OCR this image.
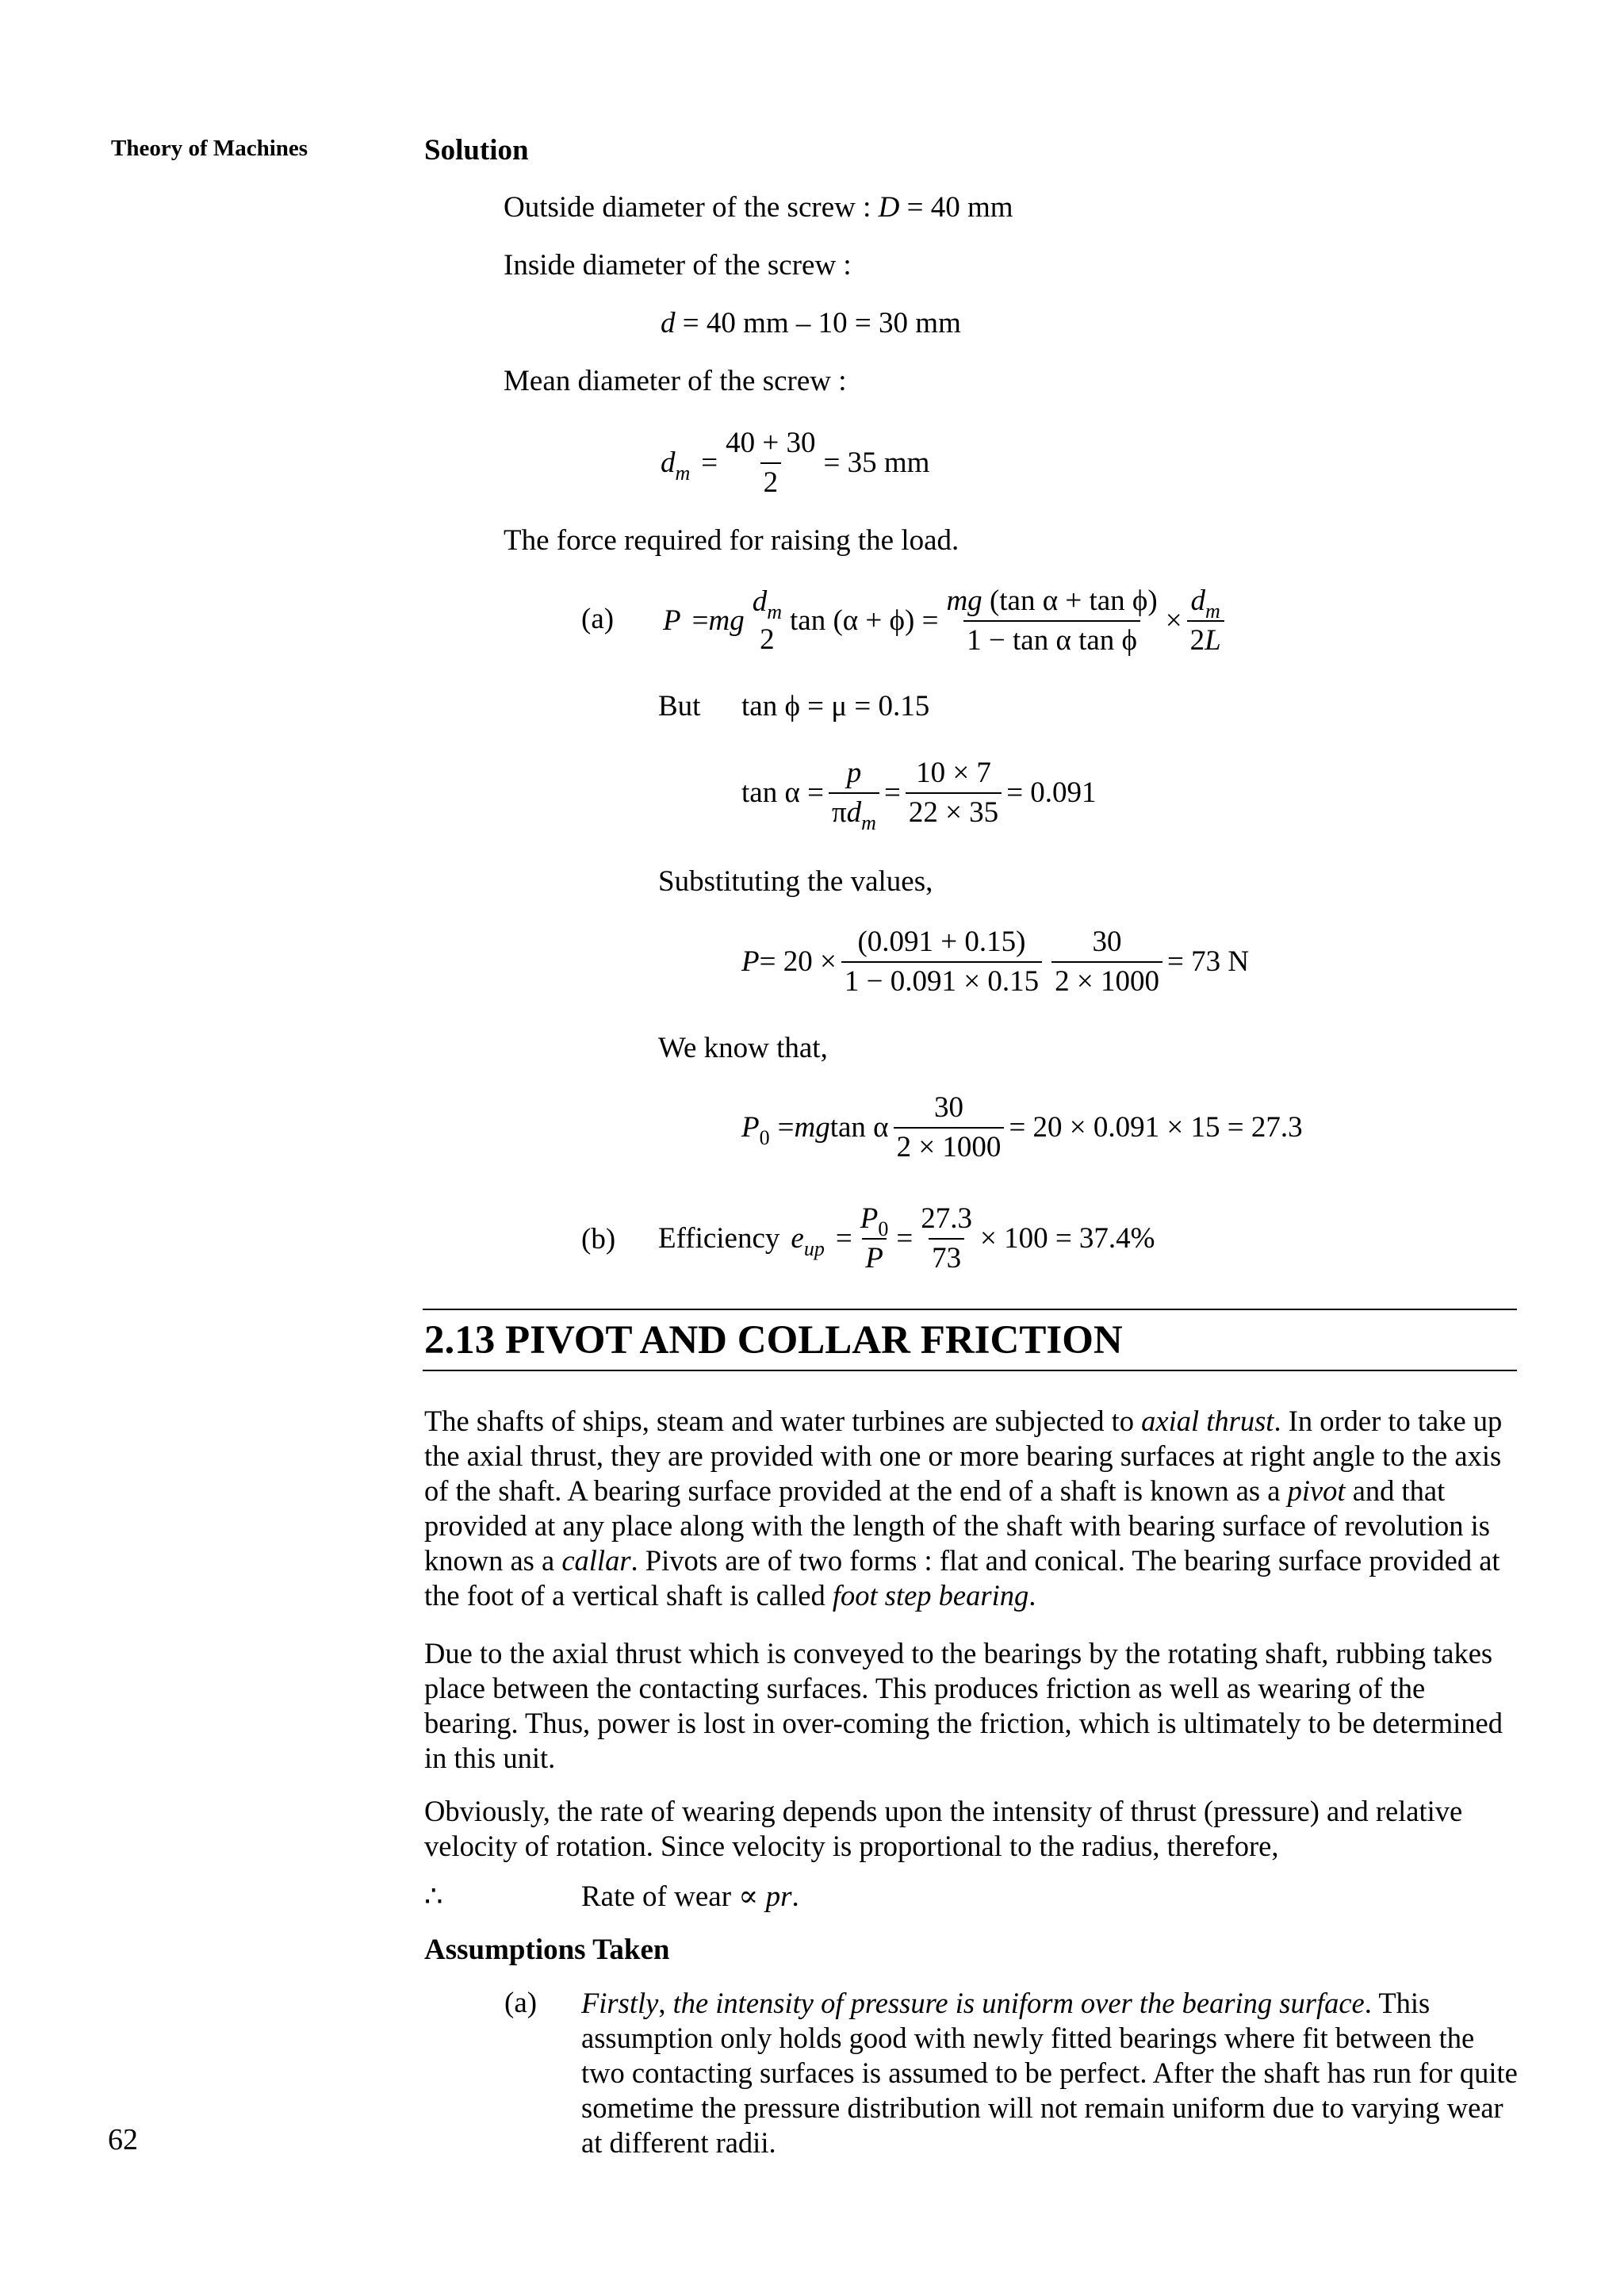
Theory of Machines
62
Solution
Outside diameter of the screw : D = 40 mm
Inside diameter of the screw :
d = 40 mm – 10 = 30 mm
Mean diameter of the screw :
$d_m = \frac{40 + 30}{2} = 35$ mm
The force required for raising the load.
(a) P = mg
$d_m$
2
$\tan (\alpha + \phi) = \frac{\text{mg (tan α + tan ϕ)}}{\text{1 − tan α tan ϕ}} \times \frac{d_m}{2L}$
But tan ϕ = μ = 0.15
$\tan \alpha = \frac{p}{\pi d_m} = \frac{10 \times 7}{22 \times 35} = 0.091$
Substituting the values,
$P = 20 \times \frac{(0.091 + 0.15)}{1 - 0.091 \times 0.15} \frac{30}{2 \times 1000} = 73$ N
We know that,
$P_0$ = mg tan α $\frac{30}{2 \times 1000} = 20 \times 0.091 \times 15 = 27.3$
(b) Efficiency $e_{up} = \frac{P_0}{P} = \frac{27.3}{73} \times 100 = 37.4\%$
2.13 PIVOT AND COLLAR FRICTION

The shafts of ships, steam and water turbines are subjected to axial thrust. In order to take up the axial thrust, they are provided with one or more bearing surfaces at right angle to the axis of the shaft. A bearing surface provided at the end of a shaft is known as a pivot and that provided at any place along with the length of the shaft with bearing surface of revolution is known as a callar. Pivots are of two forms : flat and conical. The bearing surface provided at the foot of a vertical shaft is called foot step bearing.

Due to the axial thrust which is conveyed to the bearings by the rotating shaft, rubbing takes place between the contacting surfaces. This produces friction as well as wearing of the bearing. Thus, power is lost in over-coming the friction, which is ultimately to be determined in this unit.

Obviously, the rate of wearing depends upon the intensity of thrust (pressure) and relative velocity of rotation. Since velocity is proportional to the radius, therefore,

∴	Rate of wear ∝ pr.
Assumptions Taken
(a) Firstly, the intensity of pressure is uniform over the bearing surface. This assumption only holds good with newly fitted bearings where fit between the two contacting surfaces is assumed to be perfect. After the shaft has run for quite sometime the pressure distribution will not remain uniform due to varying wear at different radii.
